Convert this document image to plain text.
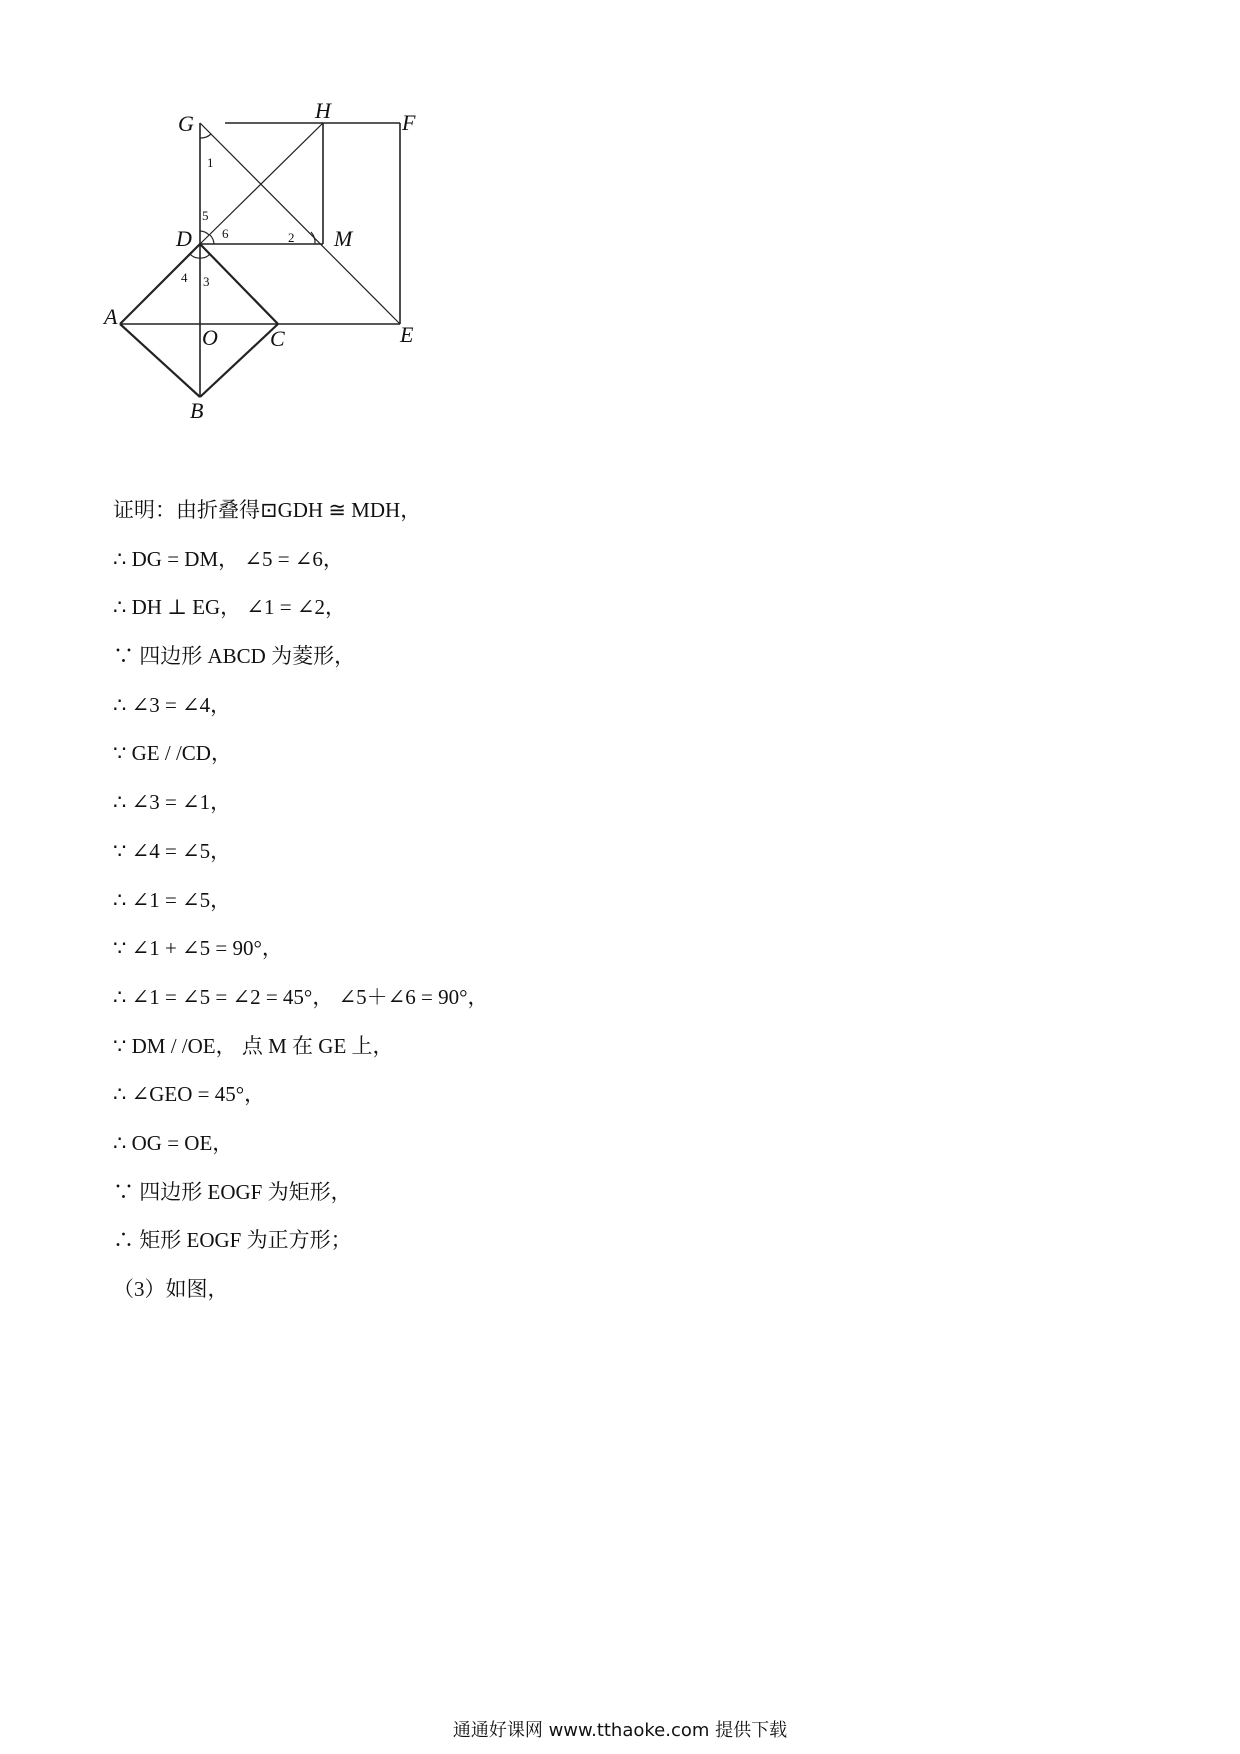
G
H	F
D	M
A
O C	E
B
1
5
6	2
4 3
证明：由折叠得⊡GDH ≅ MDH，
∴ DG = DM， ∠5 = ∠6，
∴ DH ⊥ EG， ∠1 = ∠2，
∵ 四边形 ABCD 为菱形，
∴ ∠3 = ∠4，
∵ GE / /CD，
∴ ∠3 = ∠1，
∵ ∠4 = ∠5，
∴ ∠1 = ∠5，
∵ ∠1 + ∠5 = 90°，
∴ ∠1 = ∠5 = ∠2 = 45°， ∠5＋∠6 = 90°，
∵ DM / /OE， 点 M 在 GE 上，
∴ ∠GEO = 45°，
∴ OG = OE，
∵ 四边形 EOGF 为矩形，
∴ 矩形 EOGF 为正方形；
（3）如图，
通通好课网 www.tthaoke.com 提供下载
